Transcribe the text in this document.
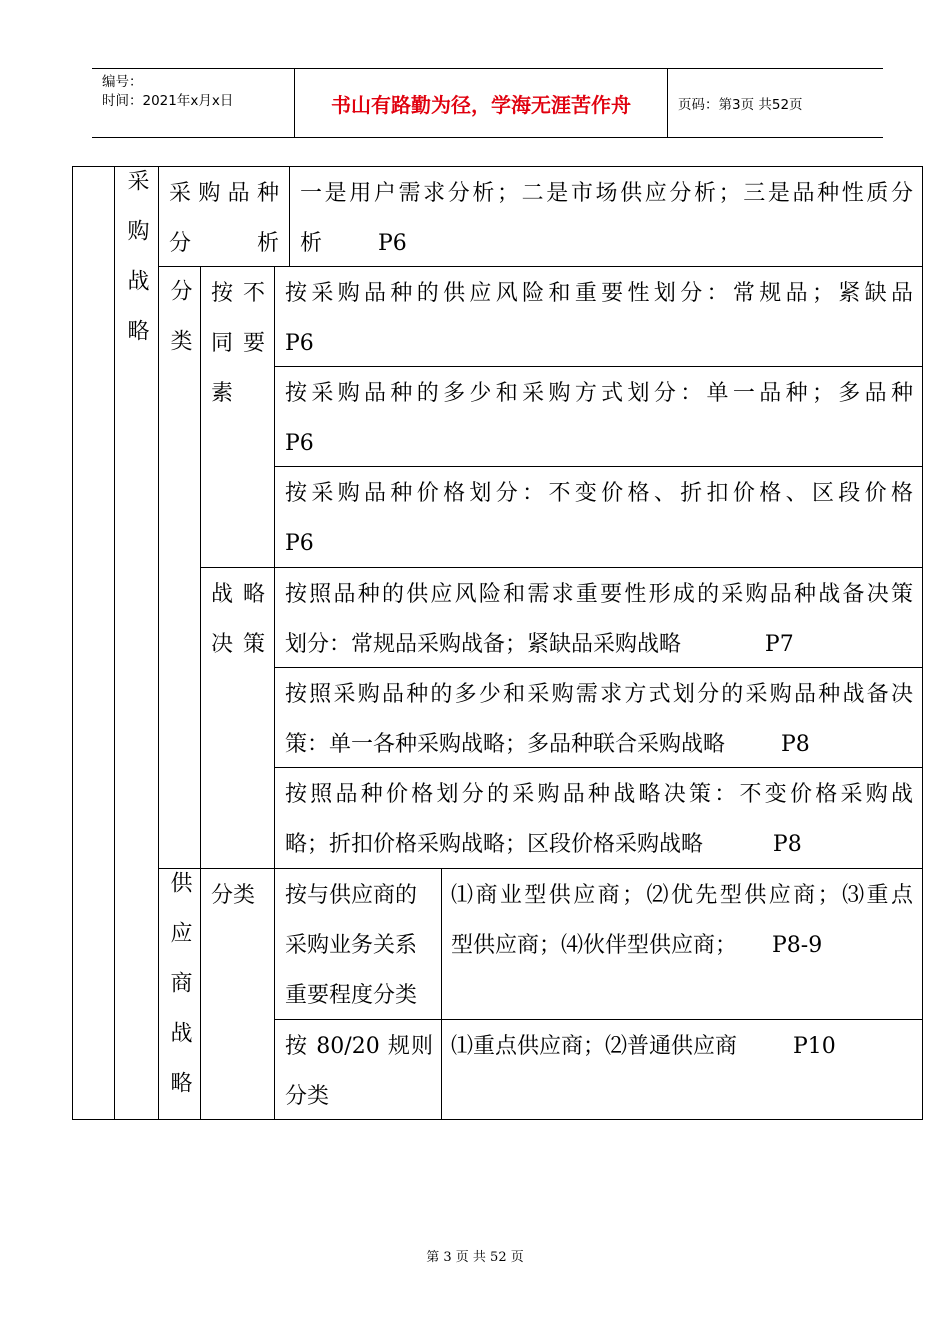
编号：
时间：2021年x月x日	书山有路勤为径，学海无涯苦作舟	页码：第3页 共52页
采购战略 采 购 品 种 分析
一是用户需求分析；二是市场供应分析；三是品种性质分
析        P6
分类 按不同要素
按采购品种的供应风险和重要性划分：常规品；紧缺品
P6
按采购品种的多少和采购方式划分：单一品种；多品种
P6
按采购品种价格划分：不变价格、折扣价格、区段价格
P6
战略决策
按照品种的供应风险和需求重要性形成的采购品种战备决策
划分：常规品采购战备；紧缺品采购战略            P7
按照采购品种的多少和采购需求方式划分的采购品种战备决
策：单一各种采购战略；多品种联合采购战略        P8
按照品种价格划分的采购品种战略决策：不变价格采购战
略；折扣价格采购战略；区段价格采购战略          P8
供应商战略 分类 按与供应商的
采购业务关系
重要程度分类
⑴商业型供应商；⑵优先型供应商；⑶重点
型供应商；⑷伙伴型供应商；     P8-9
按 80/20 规则
分类
⑴重点供应商；⑵普通供应商        P10
第 3 页 共 52 页
